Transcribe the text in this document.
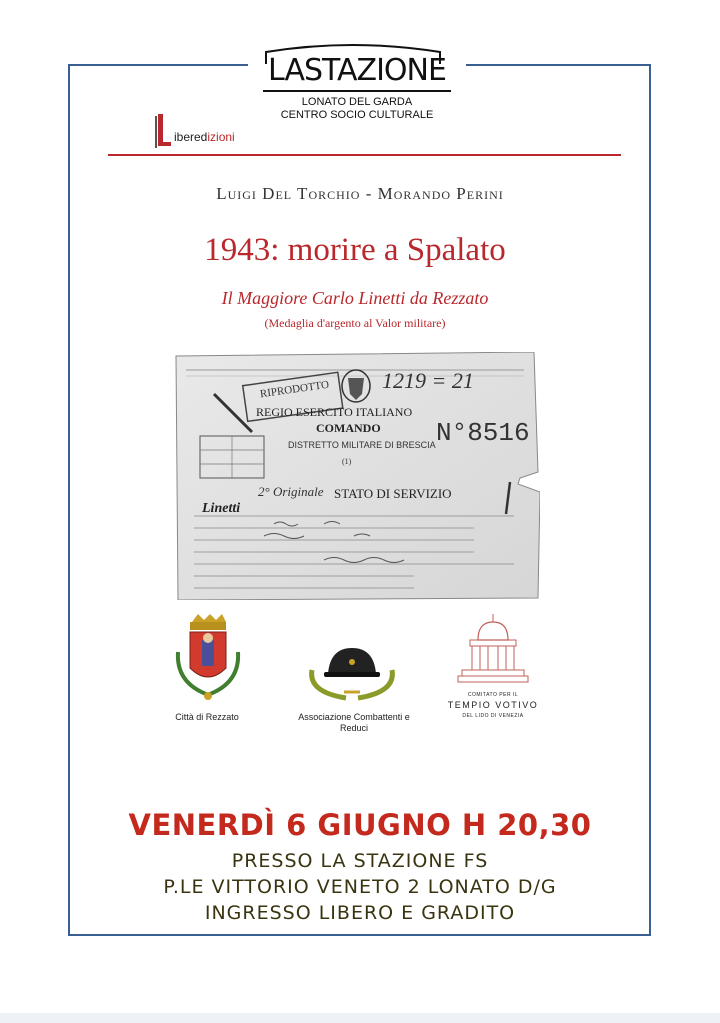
LASTAZIONE
LONATO DEL GARDA
CENTRO SOCIO CULTURALE
iberedizioni
Luigi Del Torchio - Morando Perini
1943: morire a Spalato
Il Maggiore Carlo Linetti da Rezzato
(Medaglia d'argento al Valor militare)
RIPRODOTTO 1219 = 21
REGIO ESERCITO ITALIANO
COMANDO
DISTRETTO MILITARE DI BRESCIA N°8516
(1)
2° Originale STATO DI SERVIZIO
Linetti
Città di Rezzato	Associazione Combattenti e Reduci
COMITATO PER IL
TEMPIO VOTIVO
DEL LIDO DI VENEZIA
VENERDÌ 6 GIUGNO H 20,30
PRESSO LA STAZIONE FS
P.LE VITTORIO VENETO 2 LONATO D/G
INGRESSO LIBERO E GRADITO
